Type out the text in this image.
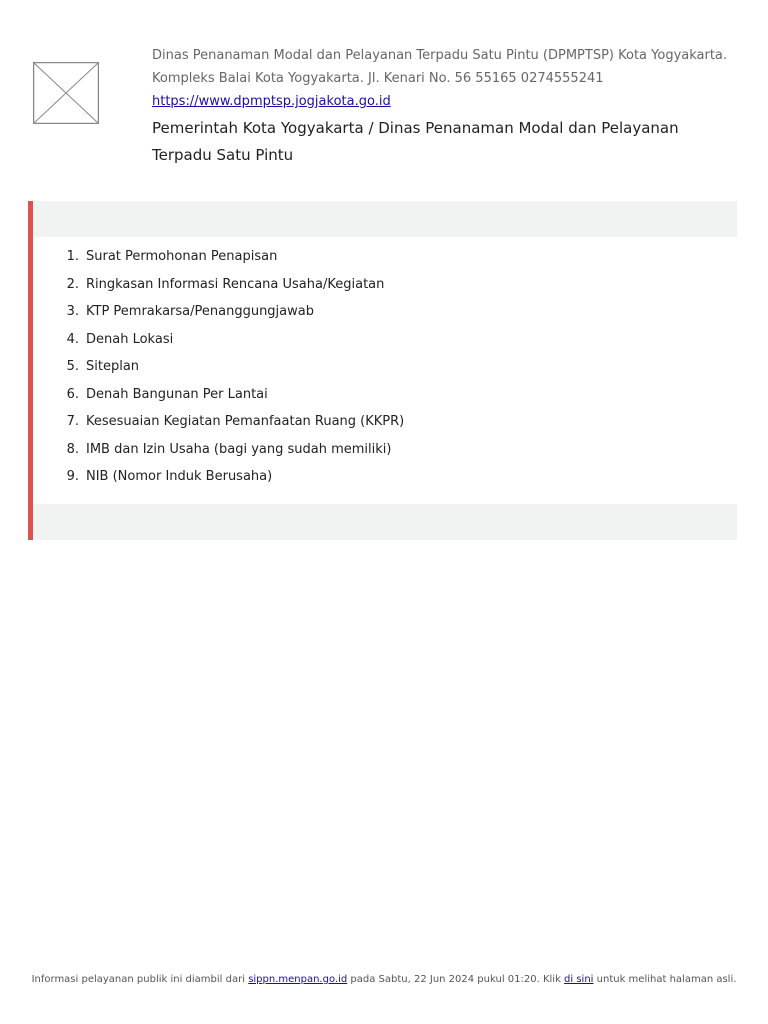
Dinas Penanaman Modal dan Pelayanan Terpadu Satu Pintu (DPMPTSP) Kota Yogyakarta.
Kompleks Balai Kota Yogyakarta. Jl. Kenari No. 56 55165 0274555241
https://www.dpmptsp.jogjakota.go.id
Pemerintah Kota Yogyakarta / Dinas Penanaman Modal dan Pelayanan Terpadu Satu Pintu
1. Surat Permohonan Penapisan
2. Ringkasan Informasi Rencana Usaha/Kegiatan
3. KTP Pemrakarsa/Penanggungjawab
4. Denah Lokasi
5. Siteplan
6. Denah Bangunan Per Lantai
7. Kesesuaian Kegiatan Pemanfaatan Ruang (KKPR)
8. IMB dan Izin Usaha (bagi yang sudah memiliki)
9. NIB (Nomor Induk Berusaha)
Informasi pelayanan publik ini diambil dari sippn.menpan.go.id pada Sabtu, 22 Jun 2024 pukul 01:20. Klik di sini untuk melihat halaman asli.
